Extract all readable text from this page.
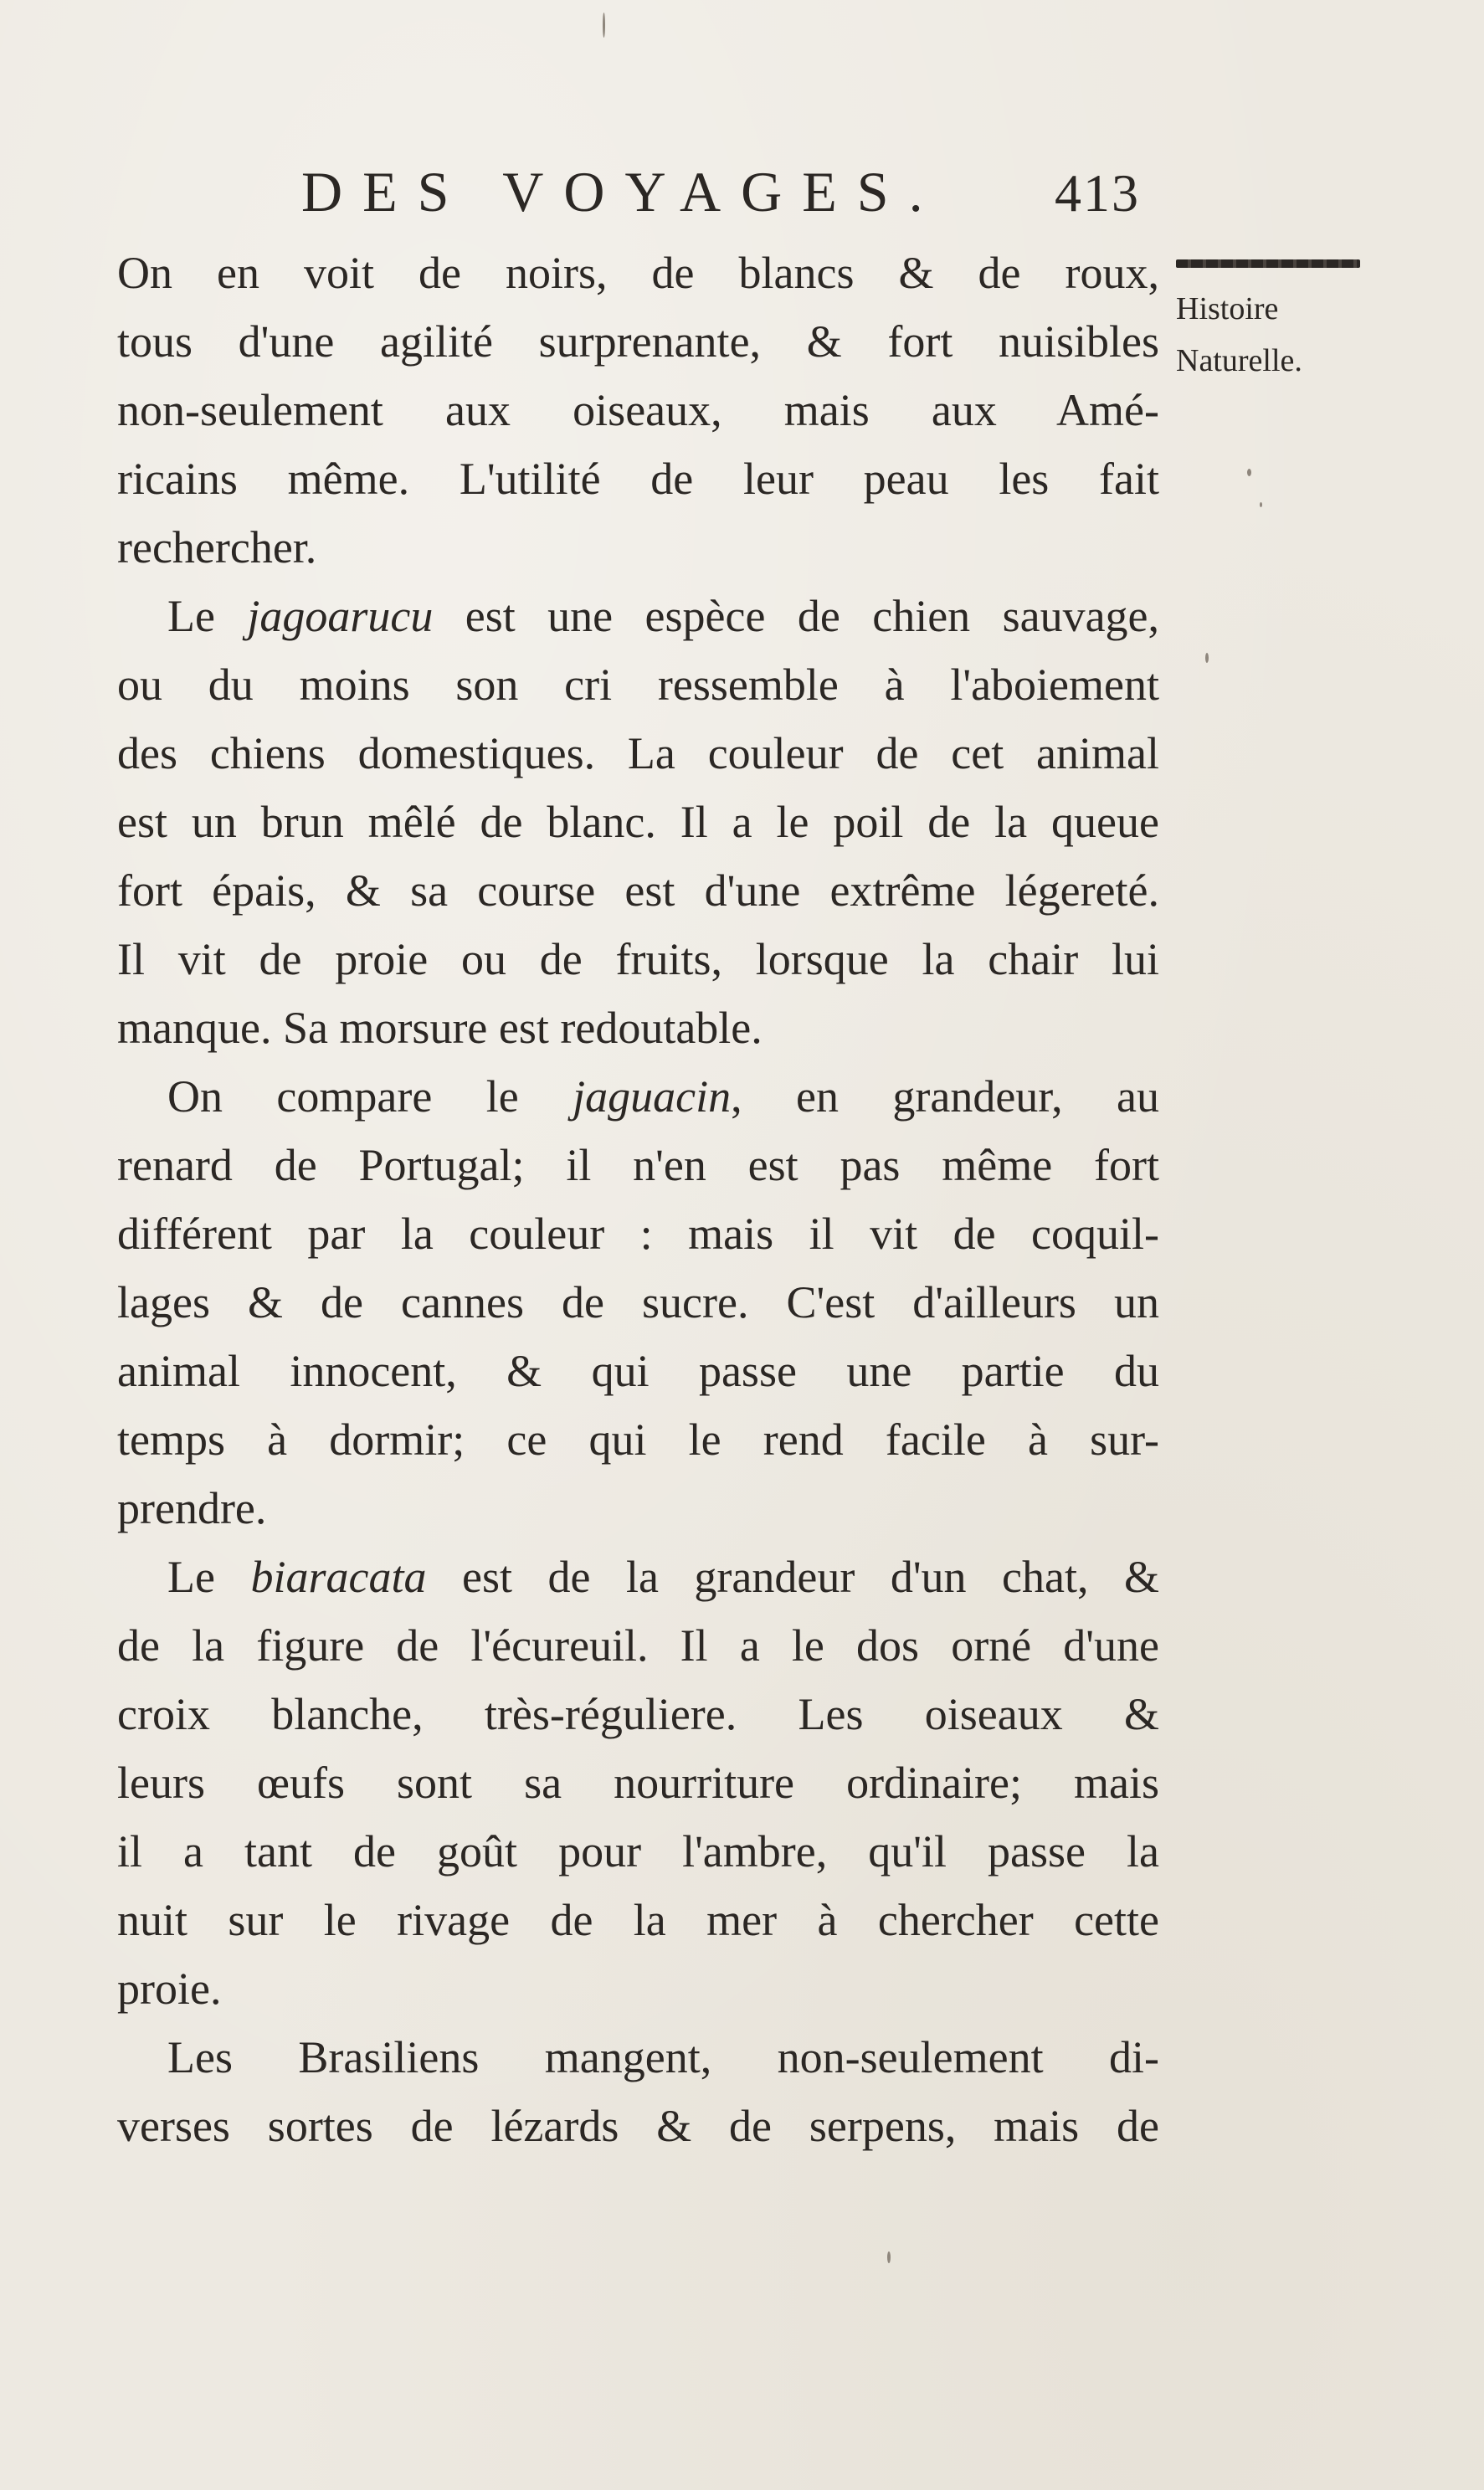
DES VOYAGES. 413
Histoire
Naturelle.
On en voit de noirs, de blancs & de roux,
tous d'une agilité surprenante, & fort nuisibles
non-seulement aux oiseaux, mais aux Amé-
ricains même. L'utilité de leur peau les fait
rechercher.
Le jagoarucu est une espèce de chien sauvage,
ou du moins son cri ressemble à l'aboiement
des chiens domestiques. La couleur de cet animal
est un brun mêlé de blanc. Il a le poil de la queue
fort épais, & sa course est d'une extrême légereté.
Il vit de proie ou de fruits, lorsque la chair lui
manque. Sa morsure est redoutable.
On compare le jaguacin, en grandeur, au
renard de Portugal; il n'en est pas même fort
différent par la couleur : mais il vit de coquil-
lages & de cannes de sucre. C'est d'ailleurs un
animal innocent, & qui passe une partie du
temps à dormir; ce qui le rend facile à sur-
prendre.
Le biaracata est de la grandeur d'un chat, &
de la figure de l'écureuil. Il a le dos orné d'une
croix blanche, très-réguliere. Les oiseaux &
leurs œufs sont sa nourriture ordinaire; mais
il a tant de goût pour l'ambre, qu'il passe la
nuit sur le rivage de la mer à chercher cette
proie.
Les Brasiliens mangent, non-seulement di-
verses sortes de lézards & de serpens, mais de
